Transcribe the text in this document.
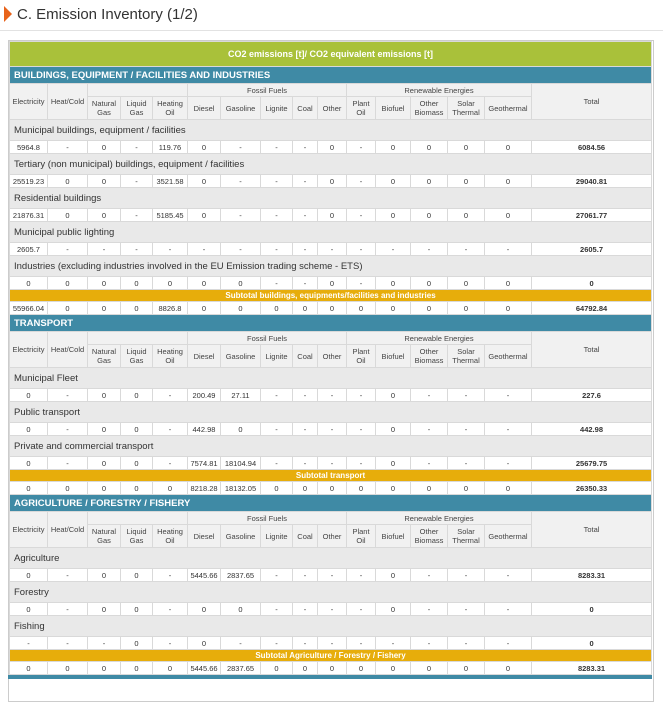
C. Emission Inventory (1/2)
CO2 emissions [t]/ CO2 equivalent emissions [t]															
BUILDINGS, EQUIPMENT / FACILITIES AND INDUSTRIES															
Electricity	Heat/Cold				Fossil Fuels					Renewable Energies					Total
		Natural Gas	Liquid Gas	Heating Oil	Diesel	Gasoline	Lignite	Coal	Other	Plant Oil	Biofuel	Other Biomass	Solar Thermal	Geothermal	
Municipal buildings, equipment / facilities															
5964.8	-	0	-	119.76	0	-	-	-	0	-	0	0	0	0	6084.56
Tertiary (non municipal) buildings, equipment / facilities															
25519.23	0	0	-	3521.58	0	-	-	-	0	-	0	0	0	0	29040.81
Residential buildings															
21876.31	0	0	-	5185.45	0	-	-	-	0	-	0	0	0	0	27061.77
Municipal public lighting															
2605.7	-	-	-	-	-	-	-	-	-	-	-	-	-	-	2605.7
Industries (excluding industries involved in the EU Emission trading scheme - ETS)															
0	0	0	0	0	0	0	-	-	0	-	0	0	0	0	0
Subtotal buildings, equipments/facilities and industries															
55966.04	0	0	0	8826.8	0	0	0	0	0	0	0	0	0	0	64792.84
TRANSPORT															
Electricity	Heat/Cold				Fossil Fuels					Renewable Energies					Total
		Natural Gas	Liquid Gas	Heating Oil	Diesel	Gasoline	Lignite	Coal	Other	Plant Oil	Biofuel	Other Biomass	Solar Thermal	Geothermal	
Municipal Fleet															
0	-	0	0	-	200.49	27.11	-	-	-	-	0	-	-	-	227.6
Public transport															
0	-	0	0	-	442.98	0	-	-	-	-	0	-	-	-	442.98
Private and commercial transport															
0	-	0	0	-	7574.81	18104.94	-	-	-	-	0	-	-	-	25679.75
Subtotal transport															
0	0	0	0	0	8218.28	18132.05	0	0	0	0	0	0	0	0	26350.33
AGRICULTURE / FORESTRY / FISHERY															
Electricity	Heat/Cold				Fossil Fuels					Renewable Energies					Total
		Natural Gas	Liquid Gas	Heating Oil	Diesel	Gasoline	Lignite	Coal	Other	Plant Oil	Biofuel	Other Biomass	Solar Thermal	Geothermal	
Agriculture															
0	-	0	0	-	5445.66	2837.65	-	-	-	-	0	-	-	-	8283.31
Forestry															
0	-	0	0	-	0	0	-	-	-	-	0	-	-	-	0
Fishing															
-	-	-	0	-	0	-	-	-	-	-	-	-	-	-	0
Subtotal Agriculture / Forestry / Fishery															
0	0	0	0	0	5445.66	2837.65	0	0	0	0	0	0	0	0	8283.31
